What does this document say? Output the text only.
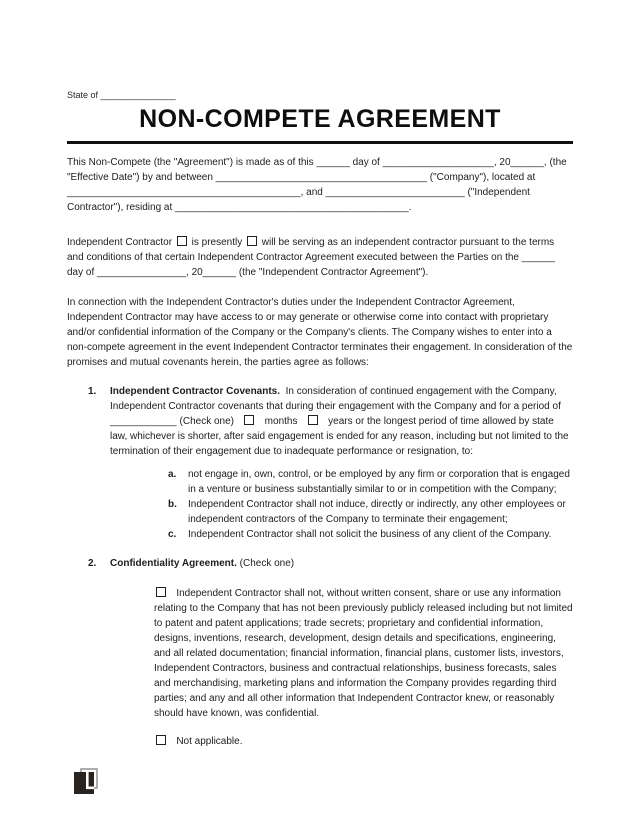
State of _______________
NON-COMPETE AGREEMENT

This Non-Compete (the "Agreement") is made as of this ______ day of ____________________, 20______, (the "Effective Date") by and between ______________________________________ ("Company"), located at __________________________________________, and _________________________ ("Independent Contractor"), residing at __________________________________________.

Independent Contractor  is presently  will be serving as an independent contractor pursuant to the terms and conditions of that certain Independent Contractor Agreement executed between the Parties on the ______ day of ________________, 20______ (the "Independent Contractor Agreement").

In connection with the Independent Contractor's duties under the Independent Contractor Agreement, Independent Contractor may have access to or may generate or otherwise come into contact with proprietary and/or confidential information of the Company or the Company's clients. The Company wishes to enter into a non-compete agreement in the event Independent Contractor terminates their engagement. In consideration of the promises and mutual covenants herein, the parties agree as follows:

1. Independent Contractor Covenants.  In consideration of continued engagement with the Company, Independent Contractor covenants that during their engagement with the Company and for a period of ____________ (Check one)      months      years or the longest period of time allowed by state law, whichever is shorter, after said engagement is ended for any reason, including but not limited to the termination of their engagement due to inadequate performance or resignation, to:

a. not engage in, own, control, or be employed by any firm or corporation that is engaged in a venture or business substantially similar to or in competition with the Company;

b. Independent Contractor shall not induce, directly or indirectly, any other employees or independent contractors of the Company to terminate their engagement;

c. Independent Contractor shall not solicit the business of any client of the Company.

2. Confidentiality Agreement. (Check one)

Independent Contractor shall not, without written consent, share or use any information relating to the Company that has not been previously publicly released including but not limited to patent and patent applications; trade secrets; proprietary and confidential information, designs, inventions, research, development, design details and specifications, engineering, and all related documentation; financial information, financial plans, customer lists, investors, Independent Contractors, business and contractual relationships, business forecasts, sales and merchandising, marketing plans and information the Company provides regarding third parties; and any and all other information that Independent Contractor knew, or reasonably should have known, was confidential.

Not applicable.
